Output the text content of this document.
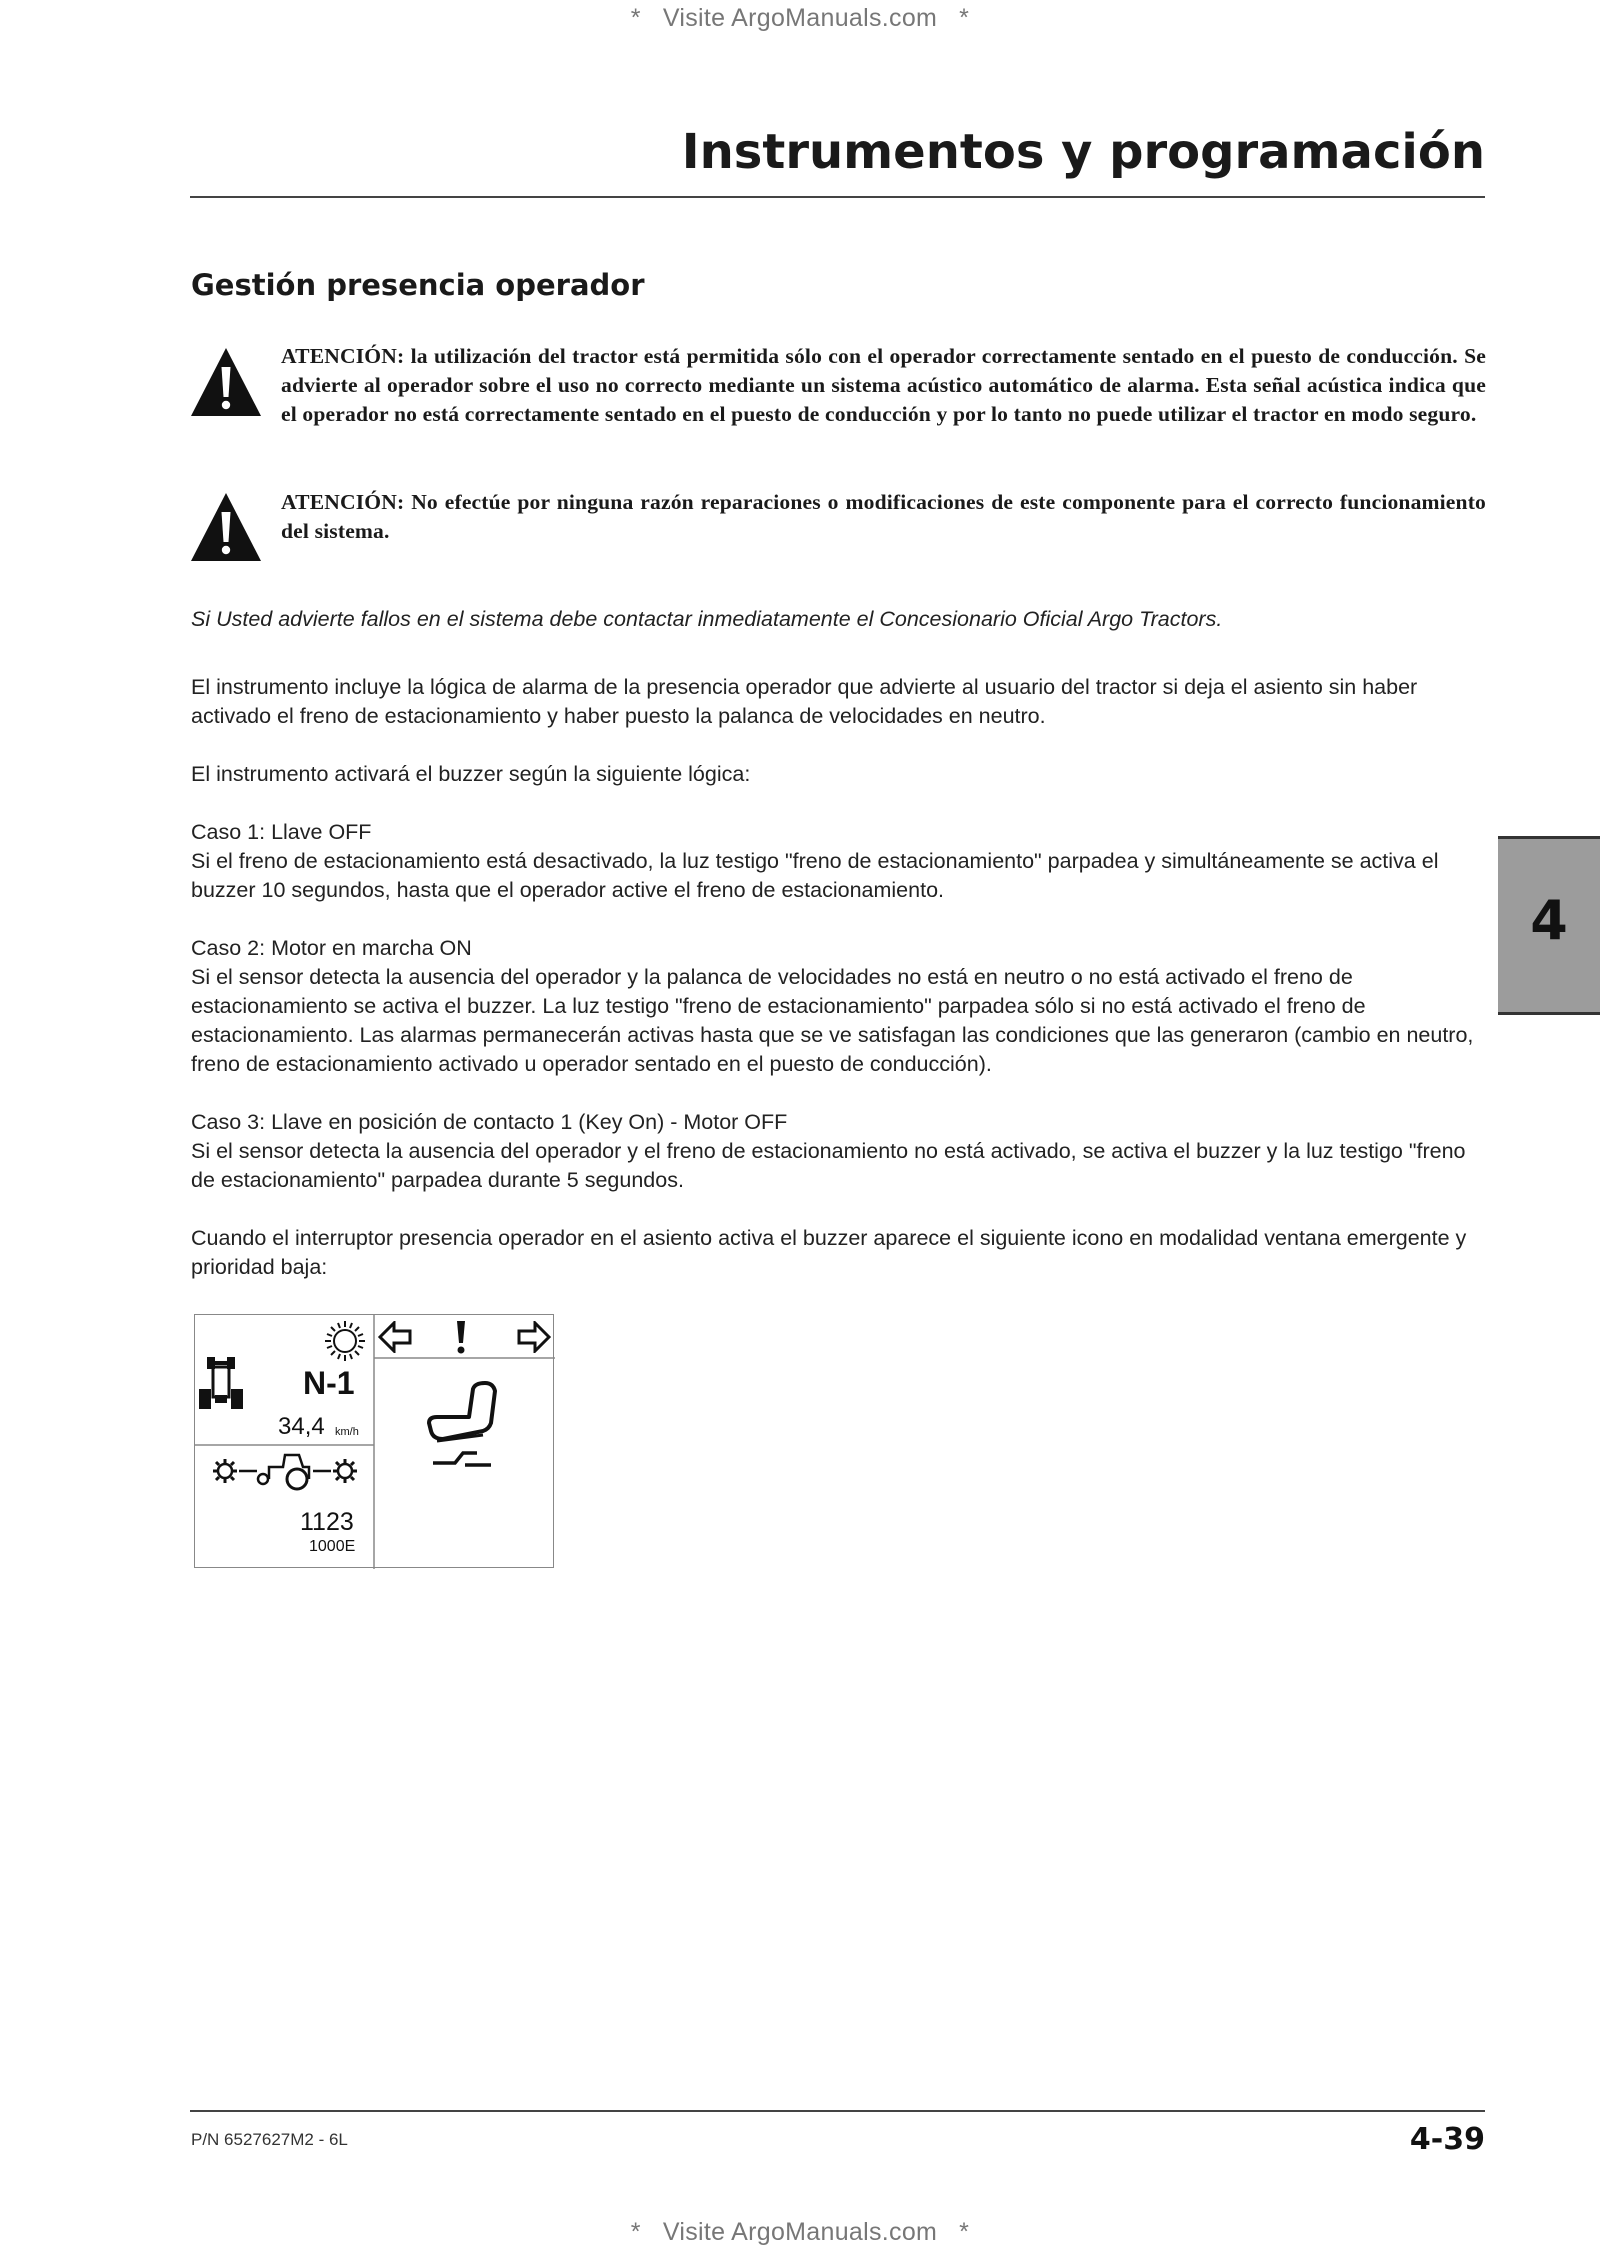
* Visite ArgoManuals.com *
Instrumentos y programación
Gestión presencia operador

ATENCIÓN: la utilización del tractor está permitida sólo con el operador correctamente sentado en el puesto de conducción. Se advierte al operador sobre el uso no correcto mediante un sistema acústico automático de alarma. Esta señal acústica indica que el operador no está correctamente sentado en el puesto de conducción y por lo tanto no puede utilizar el tractor en modo seguro.

ATENCIÓN: No efectúe por ninguna razón reparaciones o modificaciones de este componente para el correcto funcionamiento del sistema.

Si Usted advierte fallos en el sistema debe contactar inmediatamente el Concesionario Oficial Argo Tractors.

El instrumento incluye la lógica de alarma de la presencia operador que advierte al usuario del tractor si deja el asiento sin haber activado el freno de estacionamiento y haber puesto la palanca de velocidades en neutro.

El instrumento activará el buzzer según la siguiente lógica:

Caso 1: Llave OFF

Si el freno de estacionamiento está desactivado, la luz testigo "freno de estacionamiento" parpadea y simultáneamente se activa el buzzer 10 segundos, hasta que el operador active el freno de estacionamiento.

Caso 2: Motor en marcha ON

Si el sensor detecta la ausencia del operador y la palanca de velocidades no está en neutro o no está activado el freno de estacionamiento se activa el buzzer. La luz testigo "freno de estacionamiento" parpadea sólo si no está activado el freno de estacionamiento. Las alarmas permanecerán activas hasta que se ve satisfagan las condiciones que las generaron (cambio en neutro, freno de estacionamiento activado u operador sentado en el puesto de conducción).

Caso 3: Llave en posición de contacto 1 (Key On) - Motor OFF

Si el sensor detecta la ausencia del operador y el freno de estacionamiento no está activado, se activa el buzzer y la luz testigo "freno de estacionamiento" parpadea durante 5 segundos.

Cuando el interruptor presencia operador en el asiento activa el buzzer aparece el siguiente icono en modalidad ventana emergente y prioridad baja:

4
N-1
34,4 km/h
1123
1000E

P/N 6527627M2 - 6L	4-39

* Visite ArgoManuals.com *
